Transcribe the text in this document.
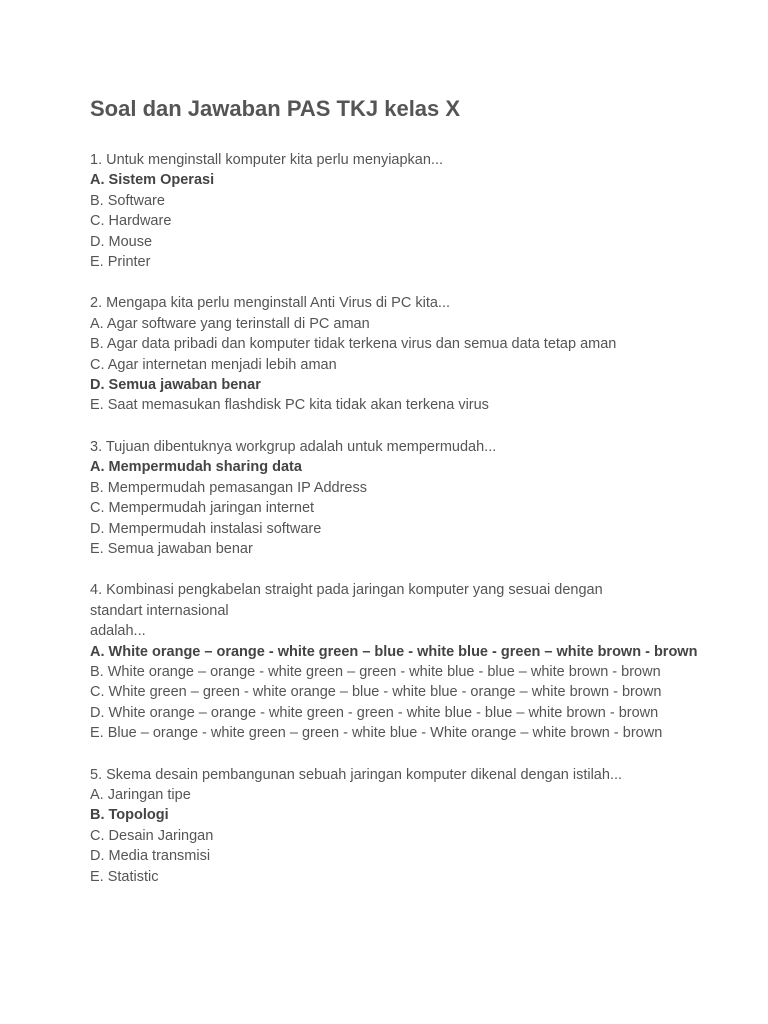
Soal dan Jawaban PAS TKJ kelas X
1. Untuk menginstall komputer kita perlu menyiapkan...
A. Sistem Operasi
B. Software
C. Hardware
D. Mouse
E. Printer
2. Mengapa kita perlu menginstall Anti Virus di PC kita...
A. Agar software yang terinstall di PC aman
B. Agar data pribadi dan komputer tidak terkena virus dan semua data tetap aman
C. Agar internetan menjadi lebih aman
D. Semua jawaban benar
E. Saat memasukan flashdisk PC kita tidak akan terkena virus
3. Tujuan dibentuknya workgrup adalah untuk mempermudah...
A. Mempermudah sharing data
B. Mempermudah pemasangan IP Address
C. Mempermudah jaringan internet
D. Mempermudah instalasi software
E. Semua jawaban benar
4. Kombinasi pengkabelan straight pada jaringan komputer yang sesuai dengan
standart internasional
adalah...
A. White orange – orange - white green – blue - white blue - green – white brown - brown
B. White orange – orange - white green – green - white blue - blue – white brown - brown
C. White green – green - white orange – blue - white blue - orange – white brown - brown
D. White orange – orange - white green - green - white blue - blue – white brown - brown
E. Blue – orange - white green – green - white blue - White orange – white brown - brown
5. Skema desain pembangunan sebuah jaringan komputer dikenal dengan istilah...
A. Jaringan tipe
B. Topologi
C. Desain Jaringan
D. Media transmisi
E. Statistic
